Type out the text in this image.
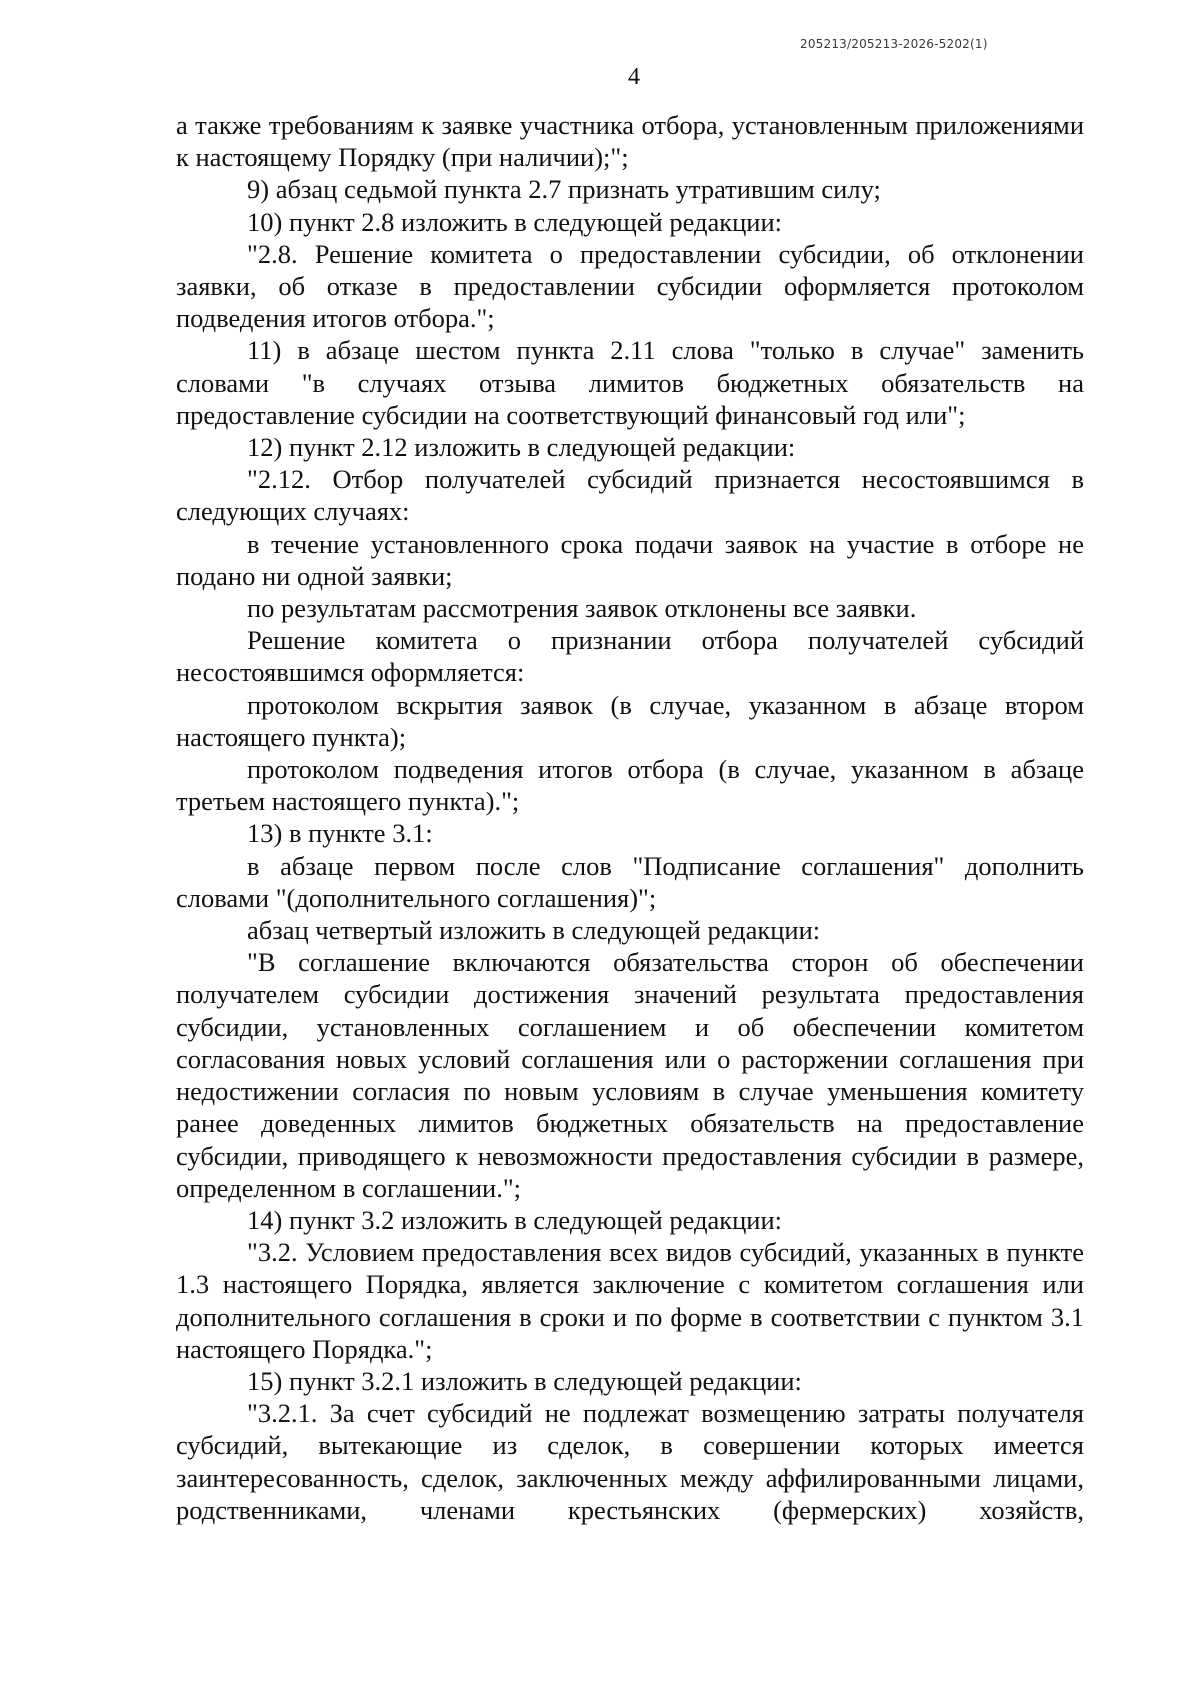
205213/205213-2026-5202(1)
4

а также требованиям к заявке участника отбора, установленным приложениями к настоящему Порядку (при наличии);";

9) абзац седьмой пункта 2.7 признать утратившим силу;

10) пункт 2.8 изложить в следующей редакции:

"2.8. Решение комитета о предоставлении субсидии, об отклонении заявки, об отказе в предоставлении субсидии оформляется протоколом подведения итогов отбора.";

11) в абзаце шестом пункта 2.11 слова "только в случае" заменить словами "в случаях отзыва лимитов бюджетных обязательств на предоставление субсидии на соответствующий финансовый год или";

12) пункт 2.12 изложить в следующей редакции:

"2.12. Отбор получателей субсидий признается несостоявшимся в следующих случаях:

в течение установленного срока подачи заявок на участие в отборе не подано ни одной заявки;

по результатам рассмотрения заявок отклонены все заявки.

Решение комитета о признании отбора получателей субсидий несостоявшимся оформляется:

протоколом вскрытия заявок (в случае, указанном в абзаце втором настоящего пункта);

протоколом подведения итогов отбора (в случае, указанном в абзаце третьем настоящего пункта).";

13) в пункте 3.1:

в абзаце первом после слов "Подписание соглашения" дополнить словами "(дополнительного соглашения)";

абзац четвертый изложить в следующей редакции:

"В соглашение включаются обязательства сторон об обеспечении получателем субсидии достижения значений результата предоставления субсидии, установленных соглашением и об обеспечении комитетом согласования новых условий соглашения или о расторжении соглашения при недостижении согласия по новым условиям в случае уменьшения комитету ранее доведенных лимитов бюджетных обязательств на предоставление субсидии, приводящего к невозможности предоставления субсидии в размере, определенном в соглашении.";

14) пункт 3.2 изложить в следующей редакции:

"3.2. Условием предоставления всех видов субсидий, указанных в пункте 1.3 настоящего Порядка, является заключение с комитетом соглашения или дополнительного соглашения в сроки и по форме в соответствии с пунктом 3.1 настоящего Порядка.";

15) пункт 3.2.1 изложить в следующей редакции:

"3.2.1. За счет субсидий не подлежат возмещению затраты получателя субсидий, вытекающие из сделок, в совершении которых имеется заинтересованность, сделок, заключенных между аффилированными лицами, родственниками, членами крестьянских (фермерских) хозяйств,
